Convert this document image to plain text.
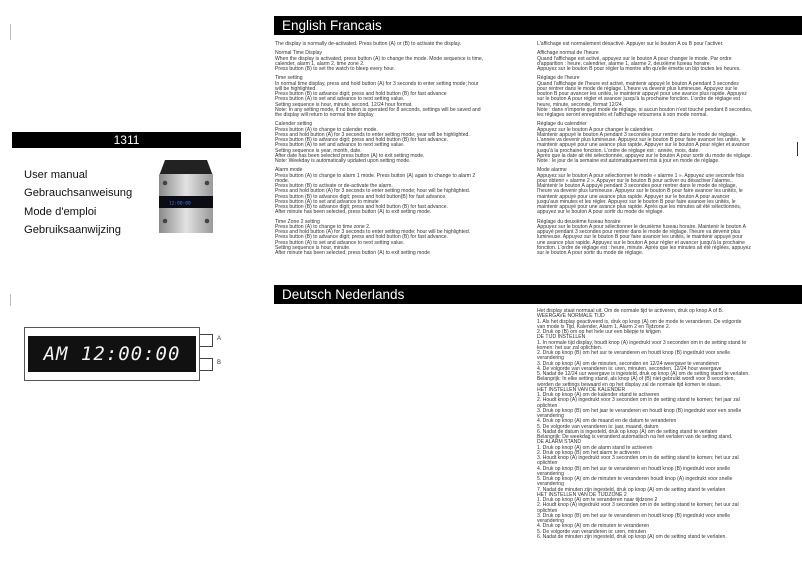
1311
User manual
Gebrauchsanweisung
Mode d'emploi
Gebruiksaanwijzing
12:00:00
AM 12:00:00
A
B
English Francais
The display is normally de-activated. Press button (A) or (B) to activate the display.
Normal Time Display
When the display is activated, press button (A) to change the mode. Mode sequence is time,
calender, alarm 1, alarm 2, time zone 2.
Press button (B) to set the watch to bleep every hour.
Time setting
In normal time display, press and hold button (A) for 3 seconds to enter setting mode; hour
will be highlighted.
Press button (B) to advance digit; press and hold button (B) for fast advance
Press button (A) to set and advance to next setting value.
Setting sequence is hour, minute, second, 12/24 hour format.
Note: In any setting mode, if no button is operated for 8 seconds, settings will be saved and
the display will return to normal time display
Calender setting
Press button (A) to change to calender mode.
Press and hold button (A) for 3 seconds to enter setting mode; year will be highlighted.
Press button (B) to advance digit; press and hold button (B) for fast advance.
Press button (A) to set and advance to next setting value.
Setting sequence is year, month, date.
After date has been selected press button (A) to exit setting mode.
Note: Weekday is automatically updated upon setting mode.
Alarm mode
Press button (A) to change to alarm 1 mode. Press button (A) again to change to alarm 2
mode.
Press button (B) to activate or de-activate the alarm.
Press and hold button (A) for 3 seconds to enter setting mode; hour will be highlighted.
Press button (B) to advance digit; press and hold button(B) for fast advance.
Press button (A) to set and advance to minute
Press button (B) to advance digit; press and hold button (B) for fast advance.
After minute has been selected, press button (A) to exit setting mode.
Time Zone 2 setting
Press button (A) to change to time zone 2.
Press and hold button (A) for 3 seconds to enter setting mode; hour will be highlighted.
Press button (B) to advance digit; press and hold button (B) for fast advance.
Press button (A) to set and advance to next setting value.
Setting sequence is hour, minute.
After minute has been selected, press button (A) to exit setting mode
L'affichage est normalement désactivé. Appuyer sur le bouton A ou B pour l'activer.
Affichage normal de l'heure
Quand l'affichage est activé, appuyez sur le bouton A pour changer le mode. Par ordre
d'apparition : heure, calendrier, alarme 1, alarme 2, deuxième fuseau horaire.
Appuyez sur le bouton B pour régler la montre afin qu'elle émette un bip toutes les heures.
Réglage de l'heure
Quand l'affichage de l'heure est activé, maintenir appuyé le bouton A pendant 3 secondes
pour rentrer dans le mode de réglage. L'heure va devenir plus lumineuse. Appuyez sur le
bouton B pour avancer les unités, le maintenir appuyé pour une avance plus rapide. Appuyez
sur le bouton A pour régler et avancer jusqu'à la prochaine fonction. L'ordre de réglage est :
heure, minute, seconde, format 12/24.
Note : dans n'importe quel mode de réglage, si aucun bouton n'est touché pendant 8 secondes,
les réglages seront enregistrés et l'affichage retournera à son mode normal.
Réglage du calendrier
Appuyez sur le bouton A pour changer le calendrier.
Maintenir appuyé le bouton A pendant 3 secondes pour rentrer dans le mode de réglage.
L'année va devenir plus lumineuse. Appuyez sur le bouton B pour faire avancer les unités, le
maintenir appuyé pour une avance plus rapide. Appuyer sur le bouton A pour régler et avancer
jusqu'à la prochaine fonction. L'ordre de réglage est : année, mois, date.
Après que la date ait été sélectionnée, appuyez sur le bouton A pour sortir du mode de réglage.
Note : le jour de la semaine est automatiquement mis à jour en mode de réglage.
Mode alarme
Appuyez sur le bouton A pour sélectionner le mode « alarme 1 ». Appuyez une seconde fois
pour obtenir « alarme 2 ». Appuyer sur le bouton B pour activer ou désactiver l'alarme..
Maintenir le bouton A appuyé pendant 3 secondes pour rentrer dans le mode de réglage,
l'heure va devenir plus lumineuse. Appuyez sur le bouton B pour faire avancer les unités, le
maintenir appuyé pour une avance plus rapide. Appuyer sur le bouton A pour avancer
jusqu'aux minutes et les régler. Appuyez sur le bouton B pour faire avancer les unités, le
maintenir appuyé pour une avance plus rapide. Après que les minutes ait été sélectionnés,
appuyez sur le bouton A pour sortir du mode de réglage.
Réglage du deuxième fuseau horaire
Appuyez sur le bouton A pour sélectionner le deuxième fuseau horaire. Maintenir le bouton A
appuyé pendant 3 secondes pour rentrer dans le mode de réglage. l'heure va devenir plus
lumineuse. Appuyez sur le bouton B pour faire avancer les unités, le maintenir appuyé pour
une avance plus rapide. Appuyez sur le bouton A pour régler et avancer jusqu'à la prochaine
fonction. L'ordre de réglage est : heure, minute. Après que les minutes ait été réglées, appuyez
sur le bouton A pour sortir du mode de réglage.
Deutsch Nederlands
Het display staat normaal uit. Om de normale tijd te activeren, druk op knop A of B.
WEERGAVE NORMALE TIJD
1. Als het display geactiveerd is, druk op knop (A) om de mode te veranderen. De volgorde
van mode is Tijd, Kalender, Alarm 1, Alarm 2 en Tijdzone 2.
2. Druk op (B) om op het hele uur een bliepje te krijgen
DE TIJD INSTELLEN
1. In normale tijd display, houdt knop (A) ingedrukt voor 3 seconden om in de setting stand te
komen: het uur zal oplichten.
2. Druk op knop (B) om het uur te veranderen en houdt knop (B) ingedrukt voor snelle
verandering
3. Druk op knop (A) om de minuten, seconden en 12/24 weergave te veranderen
4. De volgorde van veranderen is: uren, minuten, seconden, 12/24 hour weergave
5. Nadat de 12/24 uur weergave is ingesteld, druk op knop (A) om de setting stand te verlaten.
Belangrijk: In elke setting stand, als knop (A) of (B) niet gebruikt wordt voor 8 seconden,
worden de settings bewaard en op het display zal de normale tijd komen te staan.
HET INSTELLEN VAN DE KALENDER
1. Druk op knop (A) om de kalender stand te activeren
2. Houdt knop (A) ingedrukt voor 3 seconden om in de setting stand te komen; het jaar zal
oplichten
3. Druk op knop (B) om het jaar te veranderen en houdt knop (B) ingedrukt voor een snelle
verandering
4. Druk op knop (A) om de maand en de datum te veranderen
5. De volgorde van veranderen is: jaar, maand, datum
6. Nadat de datum is ingesteld, druk op knop (A) om de setting stand te verlaten
Belangrijk: De weekdag is veranderd automatisch na het verlaten van de setting stand.
DE ALARM STAND
1. Druk op knop (A) om de alarm stand te activeren
2. Druk op knop (B) om het alarm te activeren
3. Houdt knop (A) ingedrukt voor 3 seconden om in de setting stand te komen; het uur zal
oplichten
4. Druk op knop (B) om het uur te veranderen en houdt knop (B) ingedrukt voor snelle
verandering
5. Druk op knop (A) om de minuten te veranderen houdt knop (A) ingedrukt voor snelle
verandering
7. Nadat de minuten zijn ingesteld, druk op knop (A) om de setting stand te verlaten
HET INSTELLEN VAN DE TIJDZONE 2
1. Druk op knop (A) om te veranderen naar tijdzone 2
2. Houdt knop (A) ingedrukt voor 3 seconden om in de setting stand te komen; het uur zal
oplichten
3. Druk op knop (B) om het uur te veranderen en houdt knop (B) ingedrukt voor snelle
verandering
4. Druk op knop (A) om de minuten te veranderen
5. De volgorde van veranderen is: uren, minuten
6. Nadat de minuten zijn ingesteld, druk op knop (A) om de setting stand te verlaten.
